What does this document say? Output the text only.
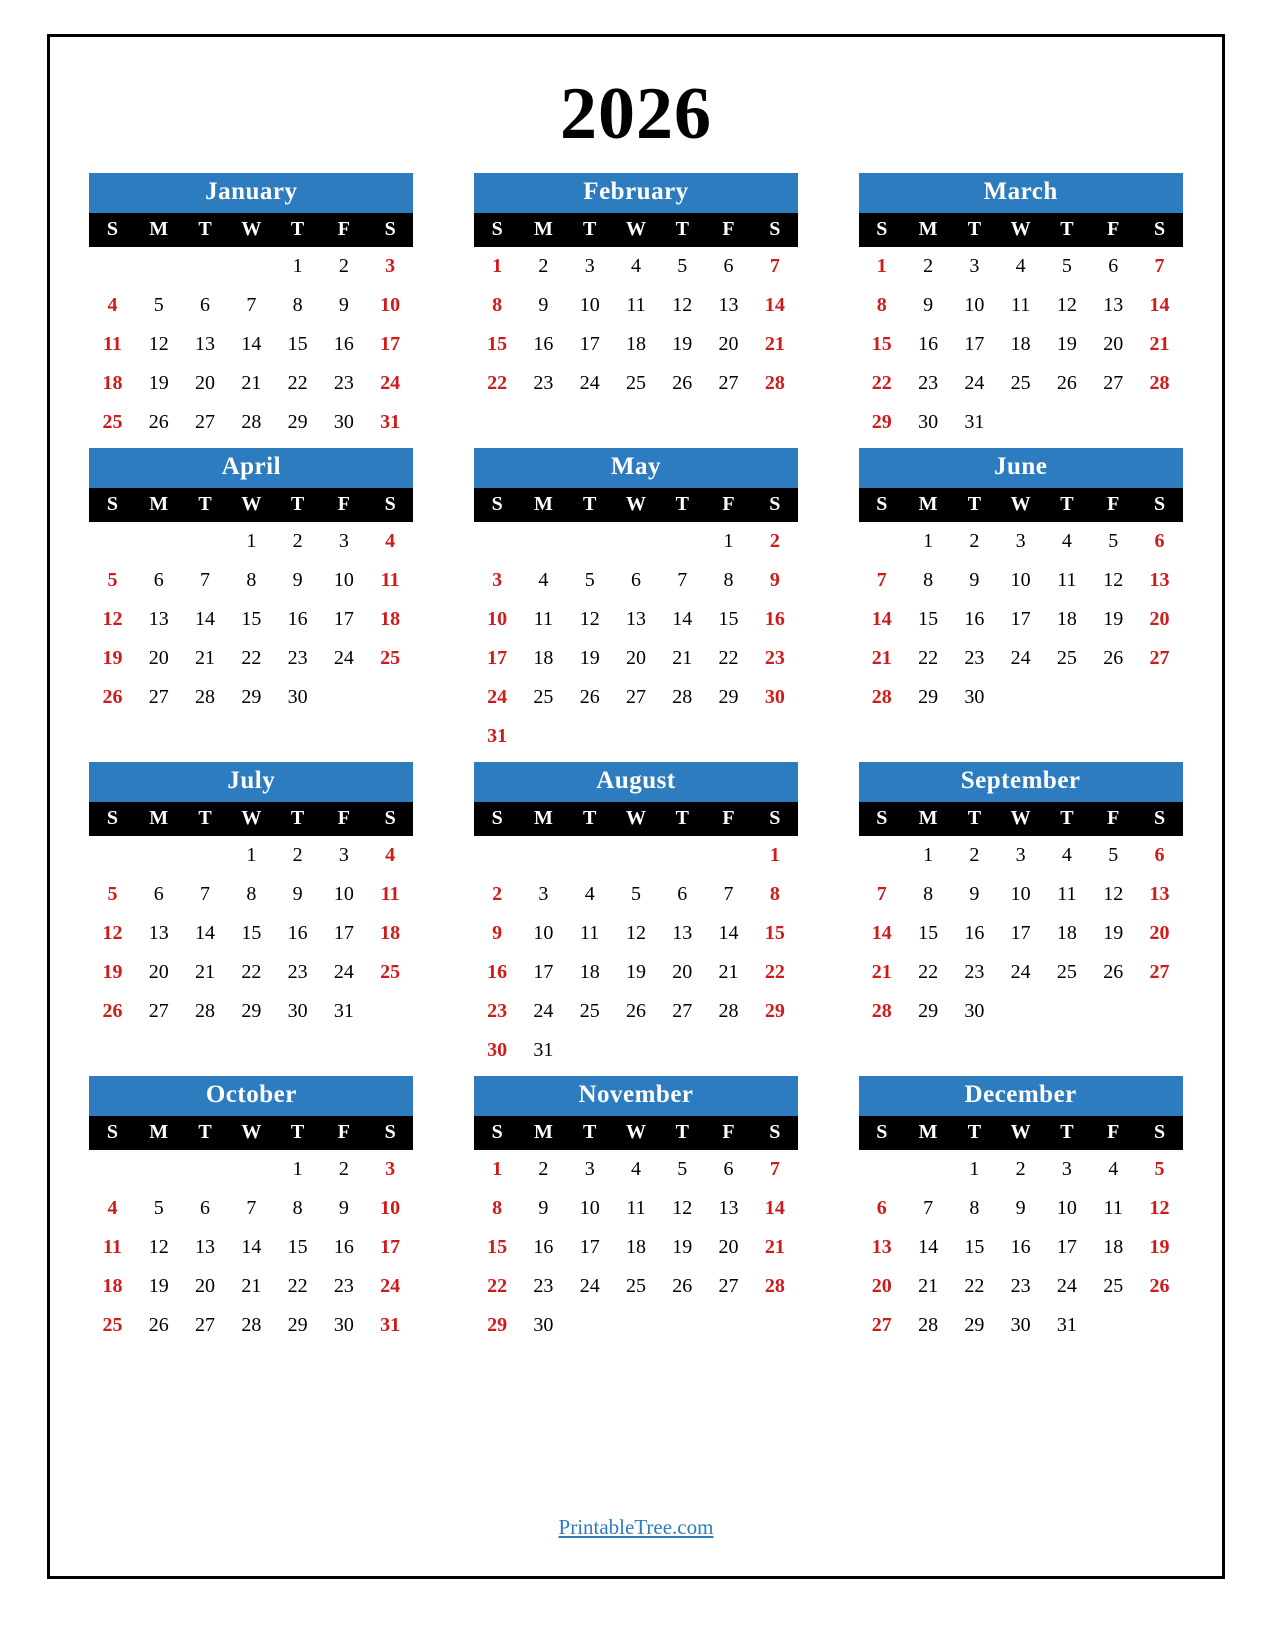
2026
January
S	M	T	W	T	F	S
				1	2	3
4	5	6	7	8	9	10
11	12	13	14	15	16	17
18	19	20	21	22	23	24
25	26	27	28	29	30	31
February
S	M	T	W	T	F	S
1	2	3	4	5	6	7
8	9	10	11	12	13	14
15	16	17	18	19	20	21
22	23	24	25	26	27	28
March
S	M	T	W	T	F	S
1	2	3	4	5	6	7
8	9	10	11	12	13	14
15	16	17	18	19	20	21
22	23	24	25	26	27	28
29	30	31				
April
S	M	T	W	T	F	S
			1	2	3	4
5	6	7	8	9	10	11
12	13	14	15	16	17	18
19	20	21	22	23	24	25
26	27	28	29	30		
May
S	M	T	W	T	F	S
					1	2
3	4	5	6	7	8	9
10	11	12	13	14	15	16
17	18	19	20	21	22	23
24	25	26	27	28	29	30
31						
June
S	M	T	W	T	F	S
	1	2	3	4	5	6
7	8	9	10	11	12	13
14	15	16	17	18	19	20
21	22	23	24	25	26	27
28	29	30				
July
S	M	T	W	T	F	S
			1	2	3	4
5	6	7	8	9	10	11
12	13	14	15	16	17	18
19	20	21	22	23	24	25
26	27	28	29	30	31	
August
S	M	T	W	T	F	S
						1
2	3	4	5	6	7	8
9	10	11	12	13	14	15
16	17	18	19	20	21	22
23	24	25	26	27	28	29
30	31					
September
S	M	T	W	T	F	S
	1	2	3	4	5	6
7	8	9	10	11	12	13
14	15	16	17	18	19	20
21	22	23	24	25	26	27
28	29	30				
October
S	M	T	W	T	F	S
				1	2	3
4	5	6	7	8	9	10
11	12	13	14	15	16	17
18	19	20	21	22	23	24
25	26	27	28	29	30	31
November
S	M	T	W	T	F	S
1	2	3	4	5	6	7
8	9	10	11	12	13	14
15	16	17	18	19	20	21
22	23	24	25	26	27	28
29	30					
December
S	M	T	W	T	F	S
		1	2	3	4	5
6	7	8	9	10	11	12
13	14	15	16	17	18	19
20	21	22	23	24	25	26
27	28	29	30	31		
PrintableTree.com
